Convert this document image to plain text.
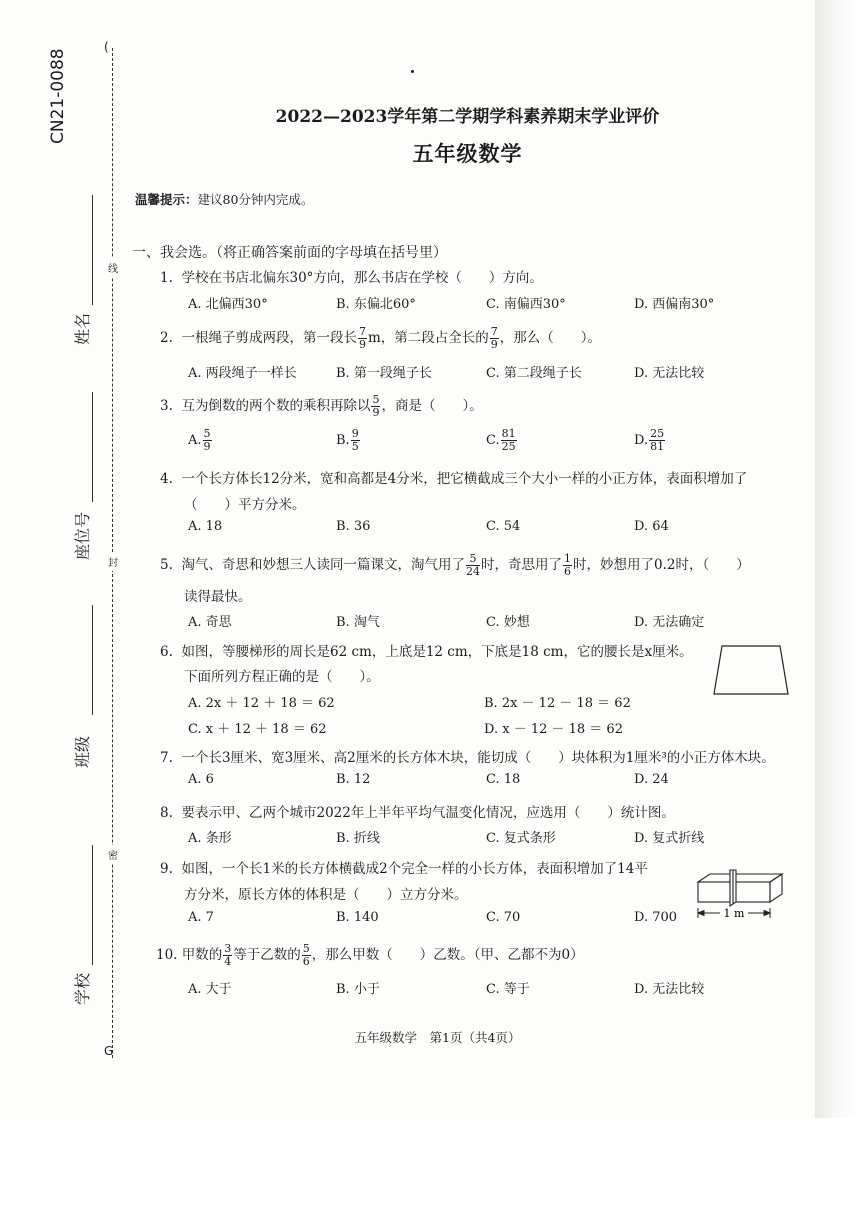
CN21-0088
(
G
线
封
密
姓名
座位号
班级
学校
2022—2023学年第二学期学科素养期末学业评价
五年级数学
温馨提示：建议80分钟内完成。
一、我会选。（将正确答案前面的字母填在括号里）
1. 学校在书店北偏东30°方向，那么书店在学校（　　）方向。
A. 北偏西30°	B. 东偏北60°	C. 南偏西30°	D. 西偏南30°
2. 一根绳子剪成两段，第一段长 $\frac{7}{9}$ m，第二段占全长的 $\frac{7}{9}$ ，那么（　　）。
A. 两段绳子一样长	B. 第一段绳子长	C. 第二段绳子长	D. 无法比较
3. 互为倒数的两个数的乘积再除以 $\frac{5}{9}$ ，商是（　　）。
A. $\frac{5}{9}$	B. $\frac{9}{5}$	C. $\frac{81}{25}$	D. $\frac{25}{81}$
4. 一个长方体长12分米，宽和高都是4分米，把它横截成三个大小一样的小正方体，表面积增加了
（　　）平方分米。
A. 18	B. 36	C. 54	D. 64
5. 淘气、奇思和妙想三人读同一篇课文，淘气用了 $\frac{5}{24}$ 时，奇思用了 $\frac{1}{6}$ 时，妙想用了0.2时，（　　）
读得最快。
A. 奇思	B. 淘气	C. 妙想	D. 无法确定
6. 如图，等腰梯形的周长是62 cm，上底是12 cm，下底是18 cm，它的腰长是x厘米。
下面所列方程正确的是（　　）。
A. 2x ＋ 12 ＋ 18 ＝ 62	B. 2x － 12 － 18 ＝ 62
C. x ＋ 12 ＋ 18 ＝ 62	D. x － 12 － 18 ＝ 62
7. 一个长3厘米、宽3厘米、高2厘米的长方体木块，能切成（　　）块体积为1厘米³的小正方体木块。
A. 6	B. 12	C. 18	D. 24
8. 要表示甲、乙两个城市2022年上半年平均气温变化情况，应选用（　　）统计图。
A. 条形	B. 折线	C. 复式条形	D. 复式折线
9. 如图，一个长1米的长方体横截成2个完全一样的小长方体，表面积增加了14平
方分米，原长方体的体积是（　　）立方分米。
A. 7	B. 140	C. 70	D. 700	1 m
10. 甲数的 $\frac{3}{4}$ 等于乙数的 $\frac{5}{6}$ ，那么甲数（　　）乙数。（甲、乙都不为0）
A. 大于	B. 小于	C. 等于	D. 无法比较
五年级数学　第1页（共4页）
